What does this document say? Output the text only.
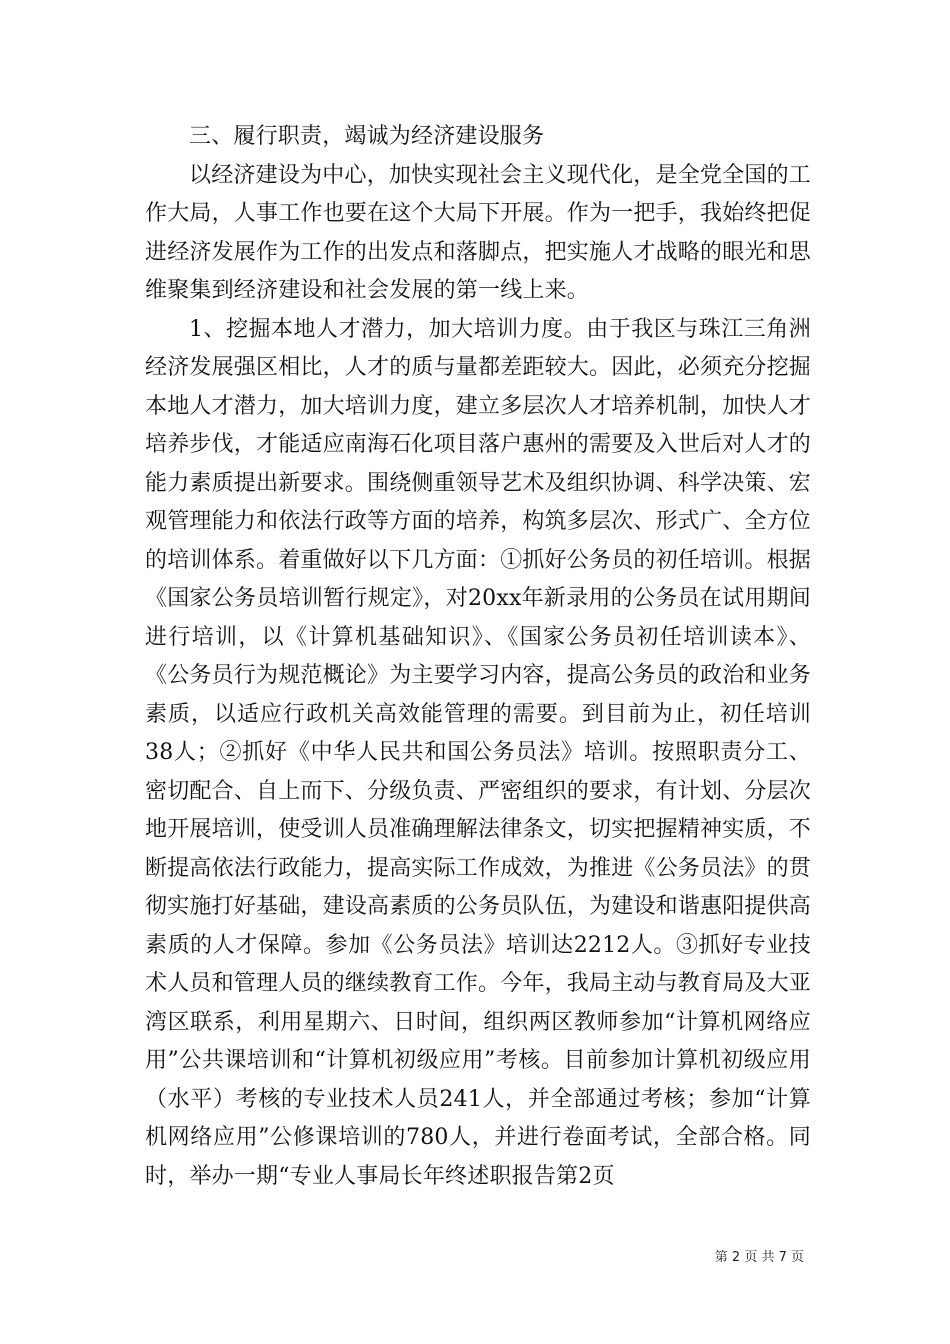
三、履行职责，竭诚为经济建设服务

以经济建设为中心，加快实现社会主义现代化，是全党全国的工作大局，人事工作也要在这个大局下开展。作为一把手，我始终把促进经济发展作为工作的出发点和落脚点，把实施人才战略的眼光和思维聚集到经济建设和社会发展的第一线上来。

1、挖掘本地人才潜力，加大培训力度。由于我区与珠江三角洲经济发展强区相比，人才的质与量都差距较大。因此，必须充分挖掘本地人才潜力，加大培训力度，建立多层次人才培养机制，加快人才培养步伐，才能适应南海石化项目落户惠州的需要及入世后对人才的能力素质提出新要求。围绕侧重领导艺术及组织协调、科学决策、宏观管理能力和依法行政等方面的培养，构筑多层次、形式广、全方位的培训体系。着重做好以下几方面：①抓好公务员的初任培训。根据《国家公务员培训暂行规定》，对20xx年新录用的公务员在试用期间进行培训，以《计算机基础知识》、《国家公务员初任培训读本》、《公务员行为规范概论》为主要学习内容，提高公务员的政治和业务素质，以适应行政机关高效能管理的需要。到目前为止，初任培训38人；②抓好《中华人民共和国公务员法》培训。按照职责分工、密切配合、自上而下、分级负责、严密组织的要求，有计划、分层次地开展培训，使受训人员准确理解法律条文，切实把握精神实质，不断提高依法行政能力，提高实际工作成效，为推进《公务员法》的贯彻实施打好基础，建设高素质的公务员队伍，为建设和谐惠阳提供高素质的人才保障。参加《公务员法》培训达2212人。③抓好专业技术人员和管理人员的继续教育工作。今年，我局主动与教育局及大亚湾区联系，利用星期六、日时间，组织两区教师参加“计算机网络应用”公共课培训和“计算机初级应用”考核。目前参加计算机初级应用（水平）考核的专业技术人员241人，并全部通过考核；参加“计算机网络应用”公修课培训的780人，并进行卷面考试，全部合格。同时，举办一期“专业人事局长年终述职报告第2页

第 2 页 共 7 页
